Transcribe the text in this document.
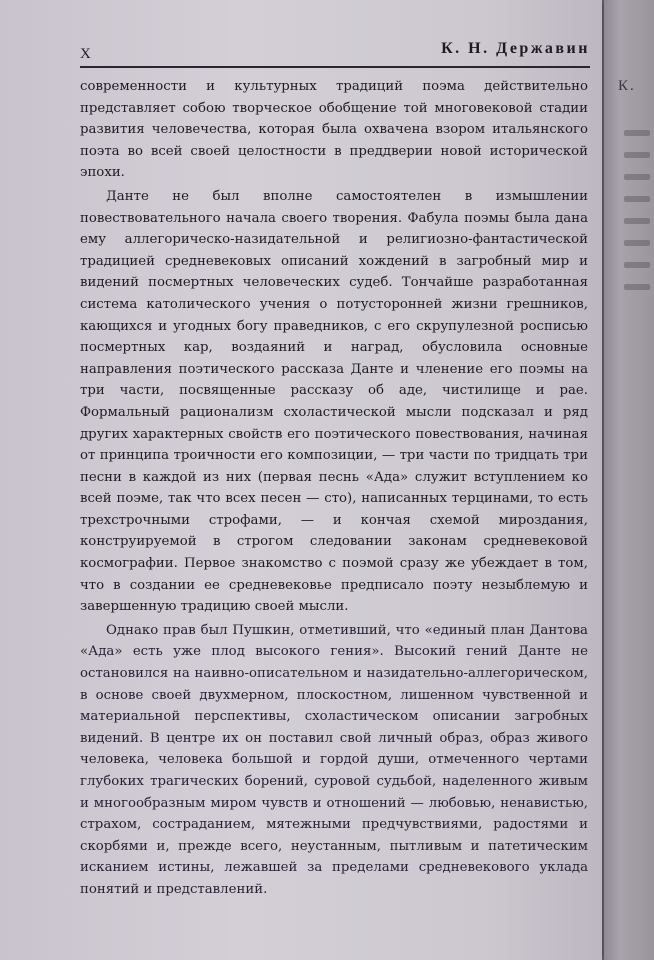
X	К. Н. Державин

современности и культурных традиций поэма действительно представляет собою творческое обобщение той многовековой стадии развития человечества, которая была охвачена взором итальянского поэта во всей своей целостности в преддверии новой исторической эпохи.

Данте не был вполне самостоятелен в измышлении повествовательного начала своего творения. Фабула поэмы была дана ему аллегорическо-назидательной и религиозно-фантастической традицией средневековых описаний хождений в загробный мир и видений посмертных человеческих судеб. Тончайше разработанная система католического учения о потусторонней жизни грешников, кающихся и угодных богу праведников, с его скрупулезной росписью посмертных кар, воздаяний и наград, обусловила основные направления поэтического рассказа Данте и членение его поэмы на три части, посвященные рассказу об аде, чистилище и рае. Формальный рационализм схоластической мысли подсказал и ряд других характерных свойств его поэтического повествования, начиная от принципа троичности его композиции, — три части по тридцать три песни в каждой из них (первая песнь «Ада» служит вступлением ко всей поэме, так что всех песен — сто), написанных терцинами, то есть трехстрочными строфами, — и кончая схемой мироздания, конструируемой в строгом следовании законам средневековой космографии. Первое знакомство с поэмой сразу же убеждает в том, что в создании ее средневековье предписало поэту незыблемую и завершенную традицию своей мысли.

Однако прав был Пушкин, отметивший, что «единый план Дантова «Ада» есть уже плод высокого гения». Высокий гений Данте не остановился на наивно-описательном и назидательно-аллегорическом, в основе своей двухмерном, плоскостном, лишенном чувственной и материальной перспективы, схоластическом описании загробных видений. В центре их он поставил свой личный образ, образ живого человека, человека большой и гордой души, отмеченного чертами глубоких трагических борений, суровой судьбой, наделенного живым и многообразным миром чувств и отношений — любовью, ненавистью, страхом, состраданием, мятежными предчувствиями, радостями и скорбями и, прежде всего, неустанным, пытливым и патетическим исканием истины, лежавшей за пределами средневекового уклада понятий и представлений.

К.
